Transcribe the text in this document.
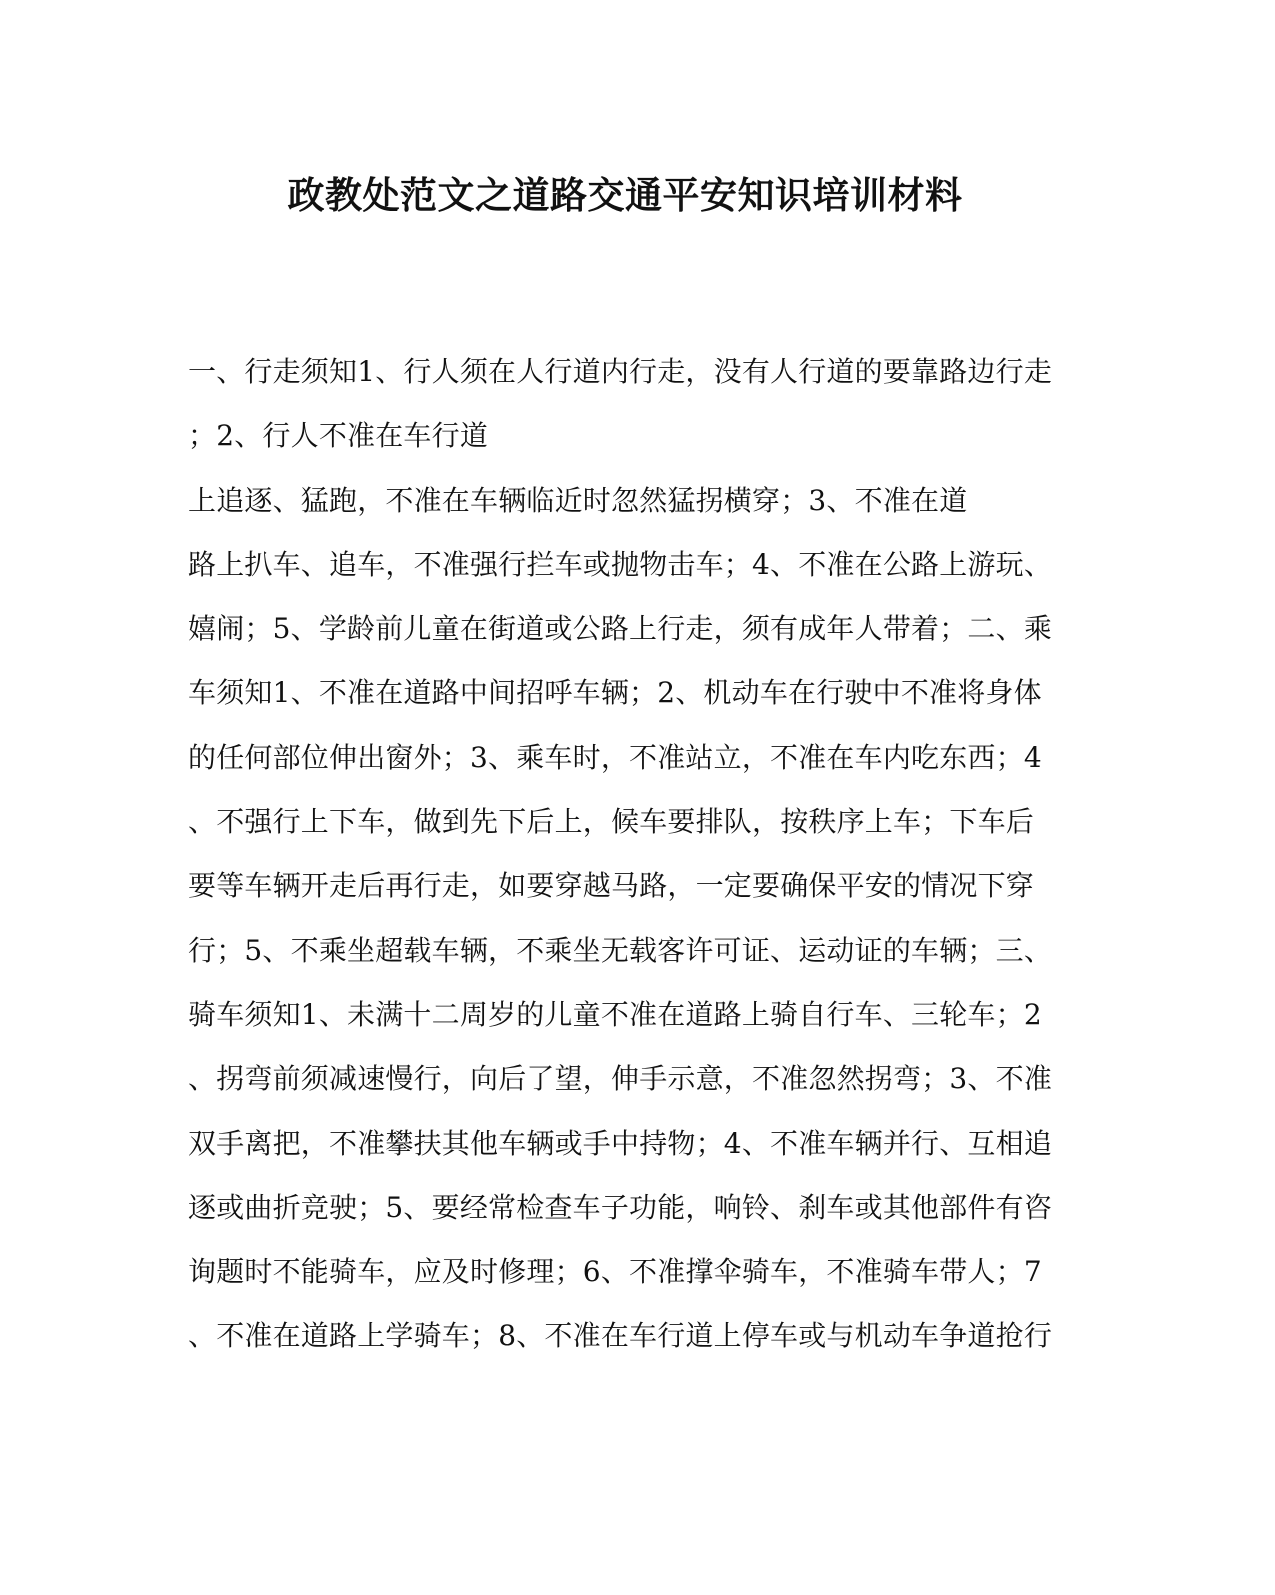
政教处范文之道路交通平安知识培训材料
一、行走须知1、行人须在人行道内行走，没有人行道的要靠路边行走
；2、行人不准在车行道
上追逐、猛跑，不准在车辆临近时忽然猛拐横穿；3、不准在道
路上扒车、追车，不准强行拦车或抛物击车；4、不准在公路上游玩、
嬉闹；5、学龄前儿童在街道或公路上行走，须有成年人带着；二、乘
车须知1、不准在道路中间招呼车辆；2、机动车在行驶中不准将身体
的任何部位伸出窗外；3、乘车时，不准站立，不准在车内吃东西；4
、不强行上下车，做到先下后上，候车要排队，按秩序上车；下车后
要等车辆开走后再行走，如要穿越马路，一定要确保平安的情况下穿
行；5、不乘坐超载车辆，不乘坐无载客许可证、运动证的车辆；三、
骑车须知1、未满十二周岁的儿童不准在道路上骑自行车、三轮车；2
、拐弯前须减速慢行，向后了望，伸手示意，不准忽然拐弯；3、不准
双手离把，不准攀扶其他车辆或手中持物；4、不准车辆并行、互相追
逐或曲折竞驶；5、要经常检查车子功能，响铃、刹车或其他部件有咨
询题时不能骑车，应及时修理；6、不准撑伞骑车，不准骑车带人；7
、不准在道路上学骑车；8、不准在车行道上停车或与机动车争道抢行
